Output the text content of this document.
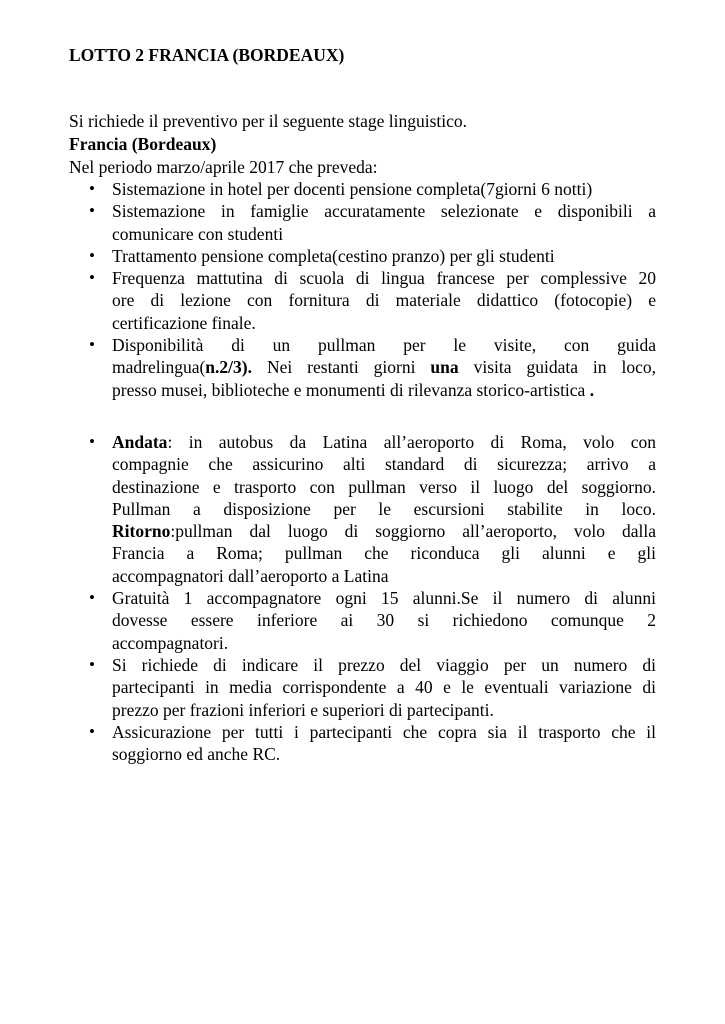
LOTTO 2 FRANCIA (BORDEAUX)
Si richiede il preventivo per il seguente stage linguistico.
Francia (Bordeaux)
Nel periodo marzo/aprile 2017 che preveda:
• Sistemazione in hotel per docenti pensione completa(7giorni 6 notti)
• Sistemazione in famiglie accuratamente selezionate e disponibili a
comunicare con studenti
• Trattamento pensione completa(cestino pranzo) per gli studenti
• Frequenza mattutina di scuola di lingua francese per complessive 20
ore di lezione con fornitura di materiale didattico (fotocopie) e
certificazione finale.
• Disponibilità di un pullman per le visite, con guida
madrelingua(n.2/3). Nei restanti giorni una visita guidata in loco,
presso musei, biblioteche e monumenti di rilevanza storico-artistica .
• Andata: in autobus da Latina all’aeroporto di Roma, volo con
compagnie che assicurino alti standard di sicurezza; arrivo a
destinazione e trasporto con pullman verso il luogo del soggiorno.
Pullman a disposizione per le escursioni stabilite in loco.
Ritorno:pullman dal luogo di soggiorno all’aeroporto, volo dalla
Francia a Roma; pullman che riconduca gli alunni e gli
accompagnatori dall’aeroporto a Latina
• Gratuità 1 accompagnatore ogni 15 alunni.Se il numero di alunni
dovesse essere inferiore ai 30 si richiedono comunque 2
accompagnatori.
• Si richiede di indicare il prezzo del viaggio per un numero di
partecipanti in media corrispondente a 40 e le eventuali variazione di
prezzo per frazioni inferiori e superiori di partecipanti.
• Assicurazione per tutti i partecipanti che copra sia il trasporto che il
soggiorno ed anche RC.
